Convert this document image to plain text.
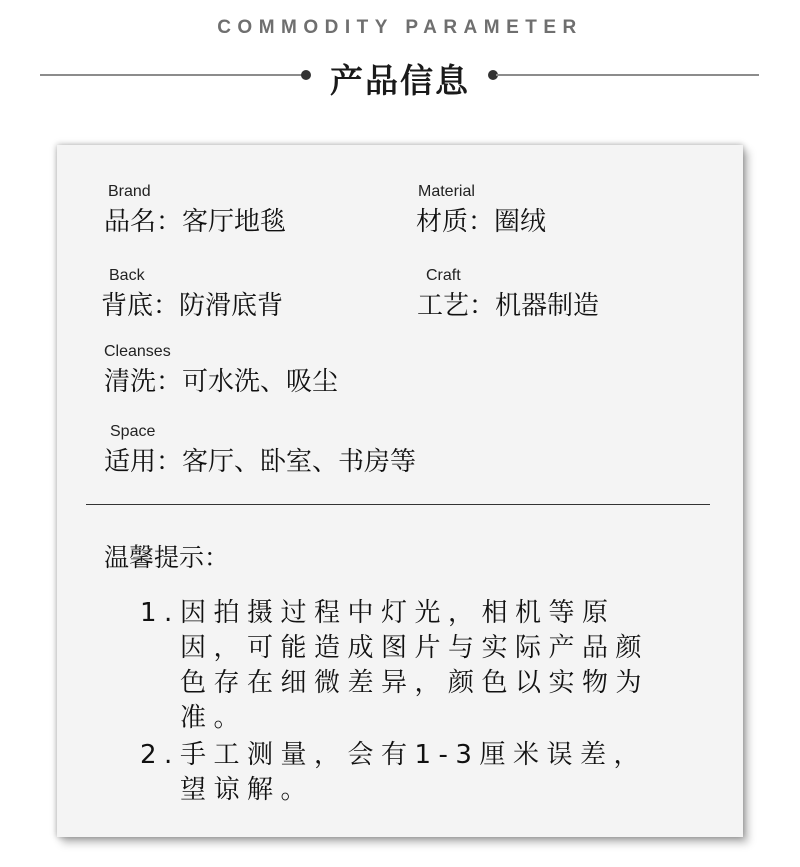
COMMODITY PARAMETER
产品信息
Brand
品名：客厅地毯
Material
材质：圈绒
Back
背底：防滑底背
Craft
工艺：机器制造
Cleanses
清洗：可水洗、吸尘
Space
适用：客厅、卧室、书房等
温馨提示：
1. 因拍摄过程中灯光，相机等原因，可能造成图片与实际产品颜色存在细微差异，颜色以实物为准。
2. 手工测量，会有1-3厘米误差，望谅解。
